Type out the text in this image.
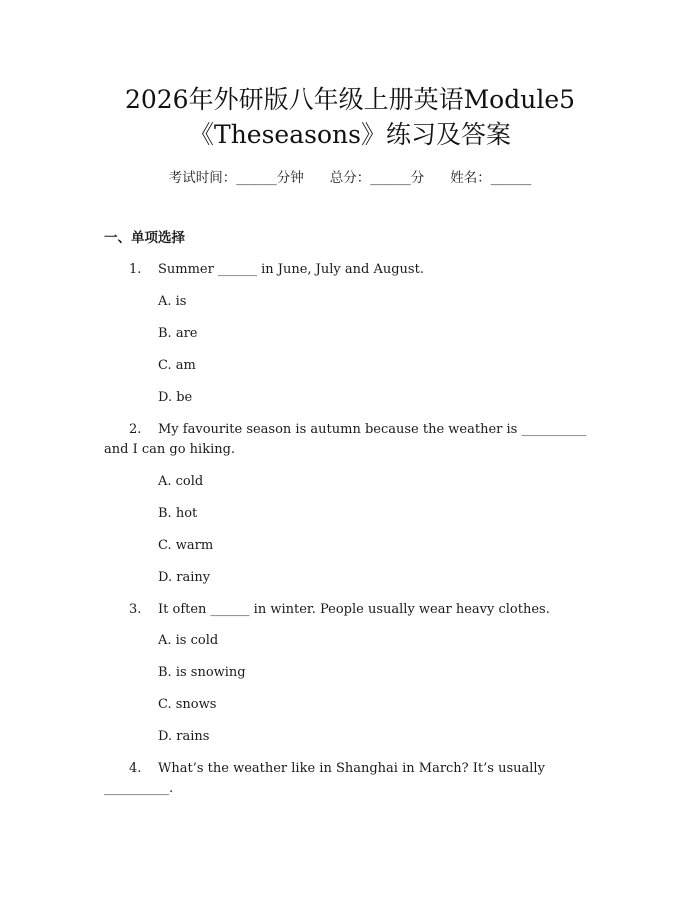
2026年外研版八年级上册英语Module5
《Theseasons》练习及答案
考试时间：______分钟 总分：______分 姓名：______
一、单项选择
1. Summer ______ in June, July and August.
A. is
B. are
C. am
D. be
2. My favourite season is autumn because the weather is __________
and I can go hiking.
A. cold
B. hot
C. warm
D. rainy
3. It often ______ in winter. People usually wear heavy clothes.
A. is cold
B. is snowing
C. snows
D. rains
4. What’s the weather like in Shanghai in March? It’s usually
__________.
